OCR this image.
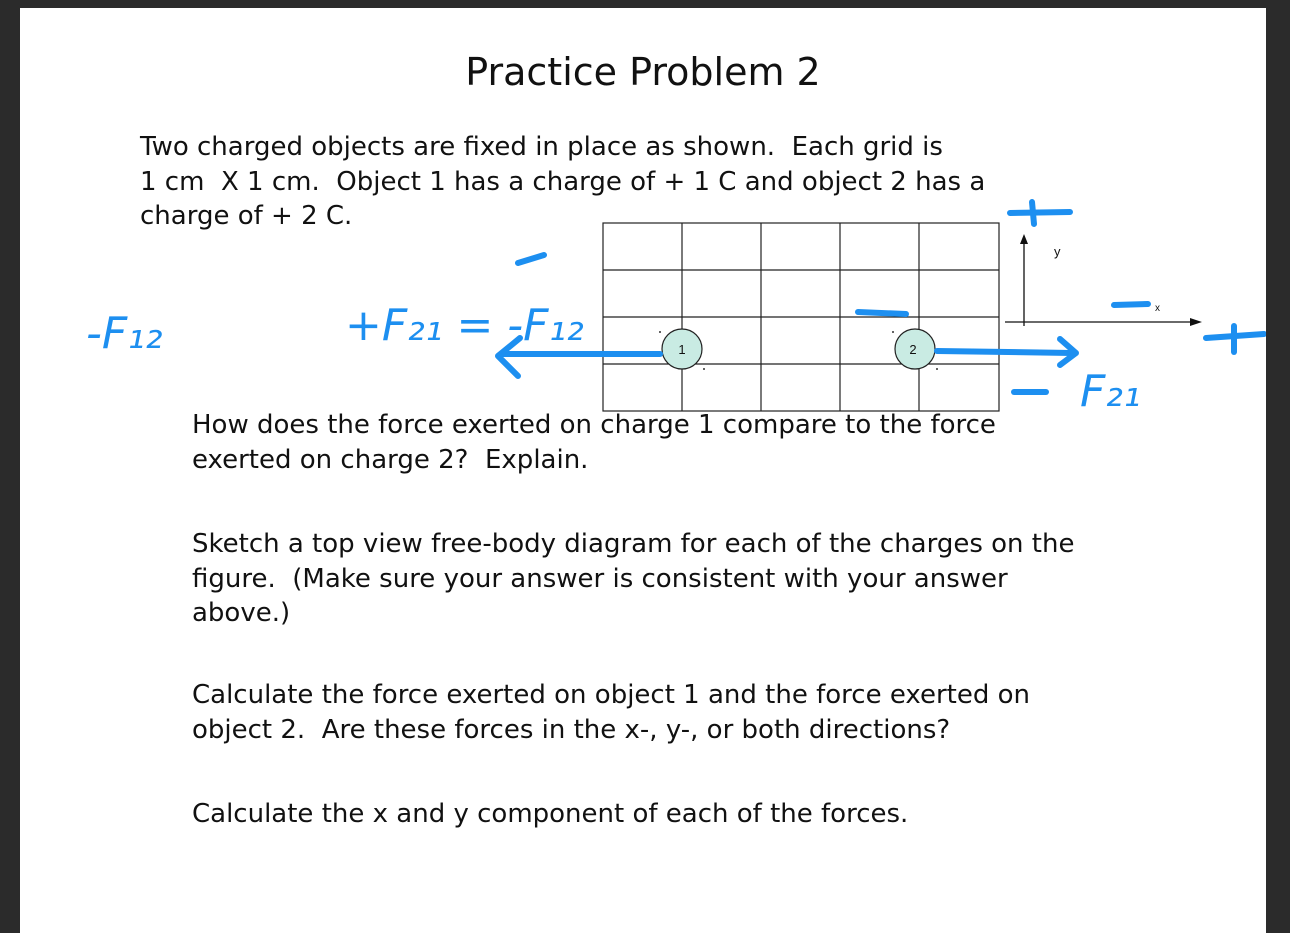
Practice Problem 2

Two charged objects are fixed in place as shown.  Each grid is
1 cm  X 1 cm.  Object 1 has a charge of + 1 C and object 2 has a
charge of + 2 C.

How does the force exerted on charge 1 compare to the force
exerted on charge 2?  Explain.

Sketch a top view free-body diagram for each of the charges on the
figure.  (Make sure your answer is consistent with your answer
above.)

Calculate the force exerted on object 1 and the force exerted on
object 2.  Are these forces in the x-, y-, or both directions?

Calculate the x and y component of each of the forces.

1	2
y
x
-F₁₂	+F₂₁ = -F₁₂
F₂₁
